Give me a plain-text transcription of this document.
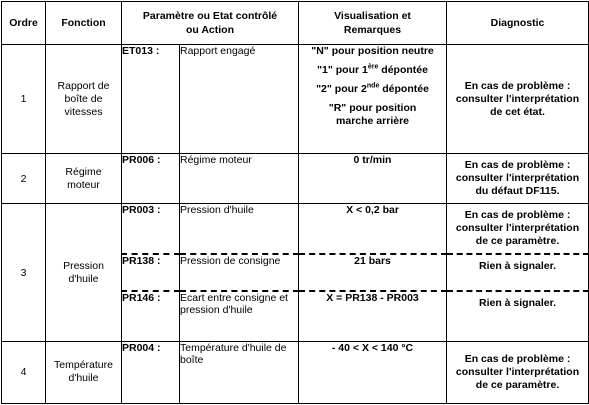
Ordre	Fonction	Paramètre ou Etat contrôlé ou Action		Visualisation et Remarques	Diagnostic
1	Rapport de boîte de vitesses	ET013 :	Rapport engagé	"N" pour position neutre
"1" pour 1ère dépontée
"2" pour 2nde dépontée
"R" pour position marche arrière	En cas de problème : consulter l'interprétation de cet état.
2	Régime moteur	PR006 :	Régime moteur	0 tr/min	En cas de problème : consulter l'interprétation du défaut DF115.
3	Pression d'huile	PR003 :	Pression d'huile	X < 0,2 bar	En cas de problème : consulter l'interprétation de ce paramètre.
		PR138 :	Pression de consigne	21 bars	Rien à signaler.
		PR146 :	Ecart entre consigne et pression d'huile	X = PR138 - PR003	Rien à signaler.
4	Température d'huile	PR004 :	Température d'huile de boîte	- 40 < X < 140 °C	En cas de problème : consulter l'interprétation de ce paramètre.
